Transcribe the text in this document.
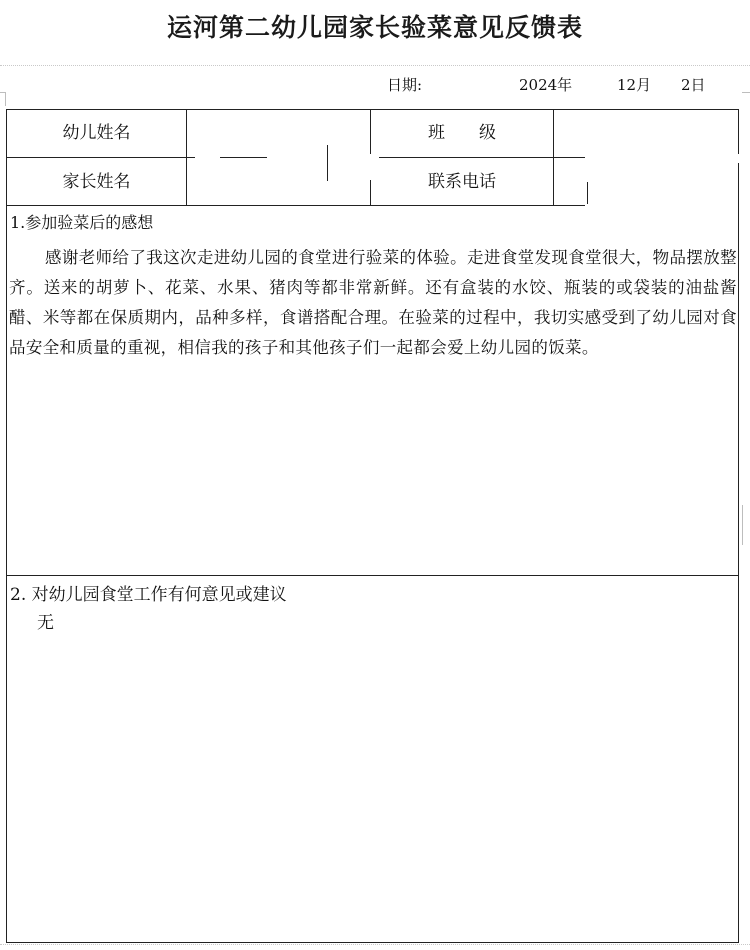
运河第二幼儿园家长验菜意见反馈表
日期:	2024年	12月 2日
幼儿姓名	班　　级
家长姓名	联系电话
1.参加验菜后的感想
感谢老师给了我这次走进幼儿园的食堂进行验菜的体验。走进食堂发现食堂很大，物品摆放整齐。送来的胡萝卜、花菜、水果、猪肉等都非常新鲜。还有盒装的水饺、瓶装的或袋装的油盐酱醋、米等都在保质期内，品种多样，食谱搭配合理。在验菜的过程中，我切实感受到了幼儿园对食品安全和质量的重视，相信我的孩子和其他孩子们一起都会爱上幼儿园的饭菜。
2. 对幼儿园食堂工作有何意见或建议
无
